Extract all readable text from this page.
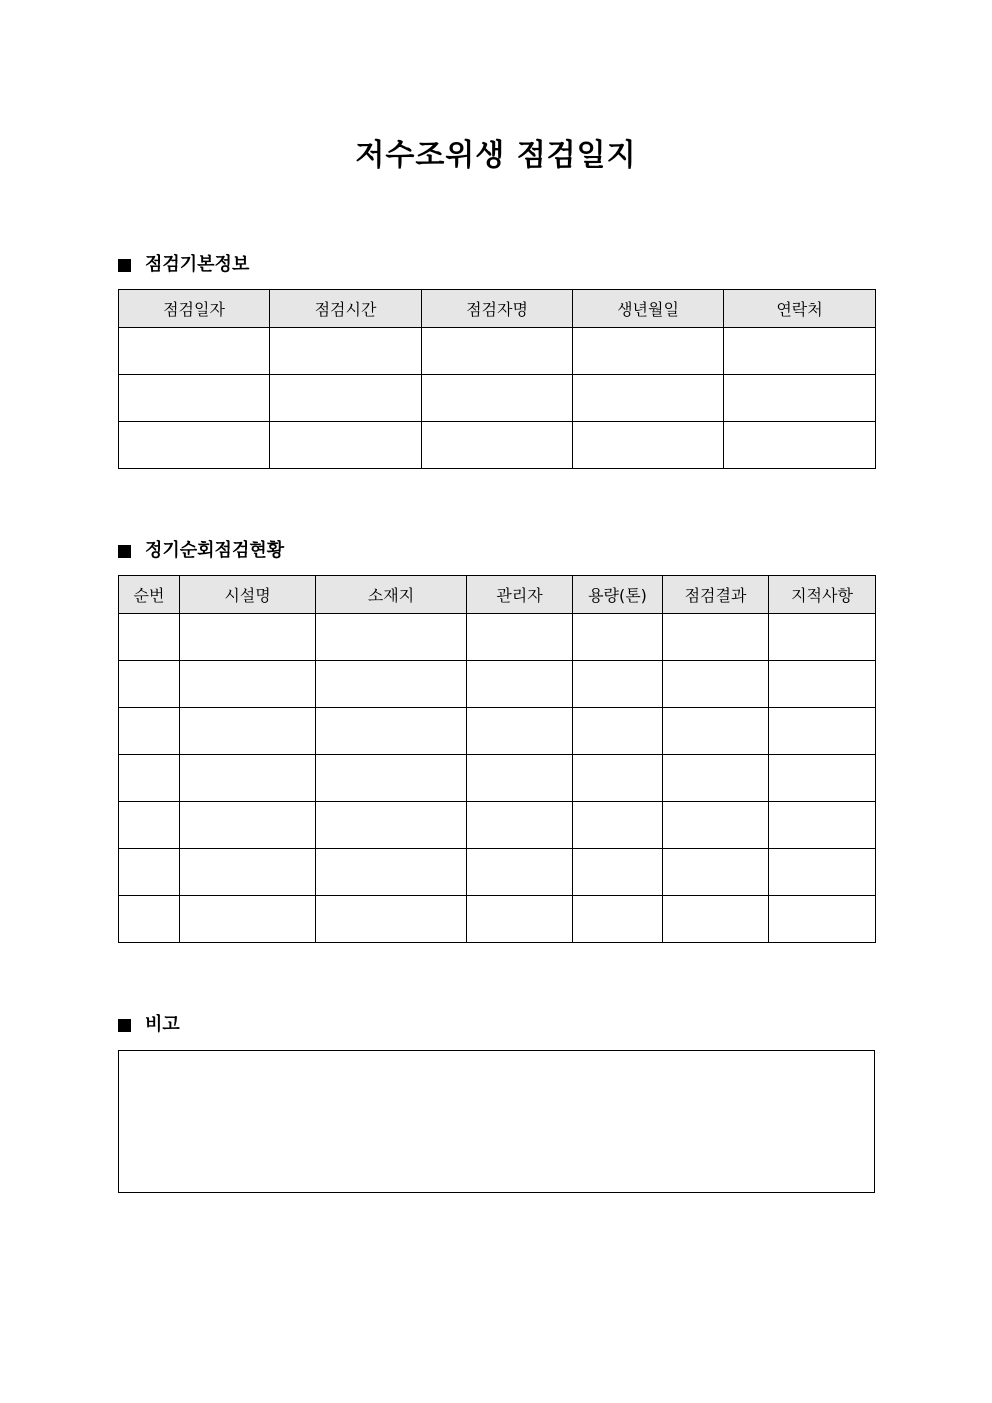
저수조위생 점검일지
점검기본정보
점검일자	점검시간	점검자명	생년월일	연락처

정기순회점검현황
순번	시설명	소재지	관리자	용량(톤)	점검결과	지적사항

비고
